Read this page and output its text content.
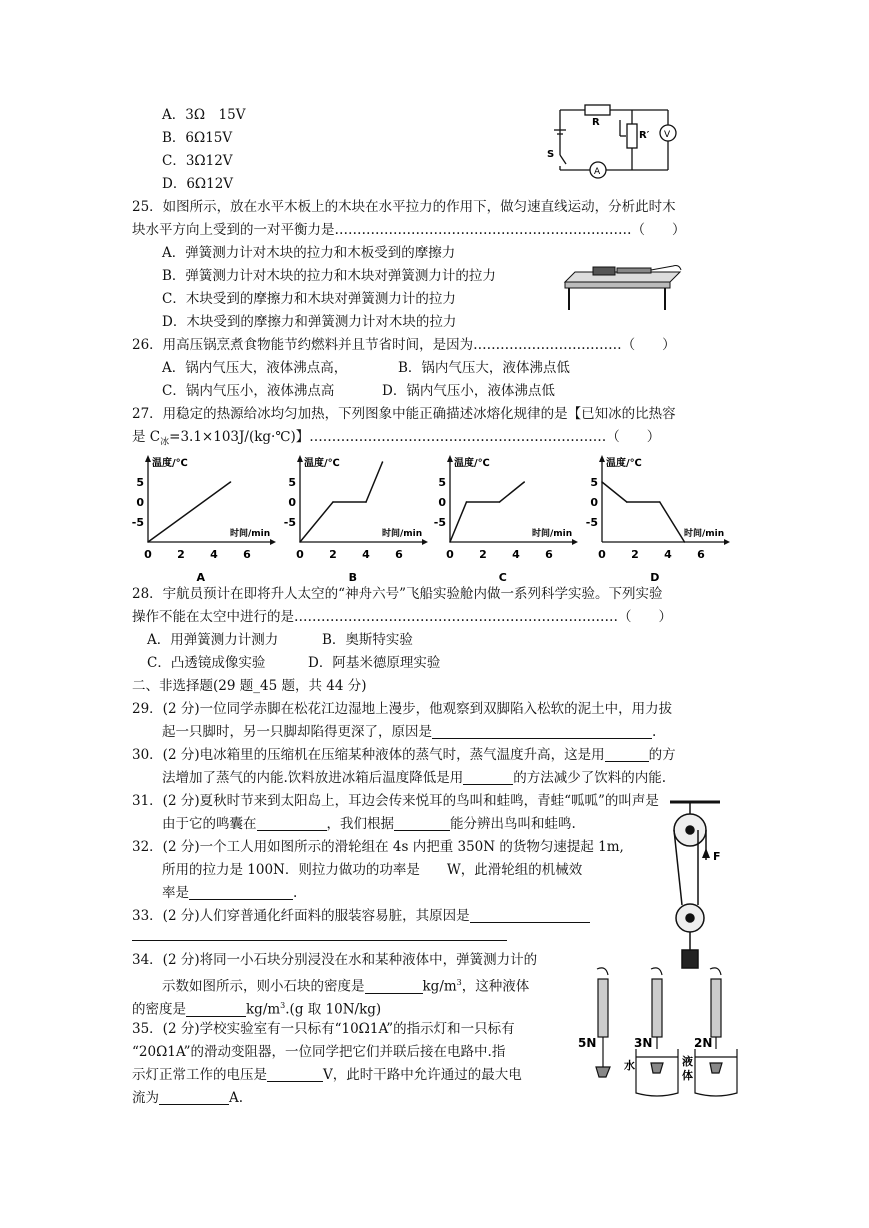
A．3Ω　15V
B．6Ω15V
C．3Ω12V
D．6Ω12V
R
R′ V
S
A
25．如图所示，放在水平木板上的木块在水平拉力的作用下，做匀速直线运动，分析此时木
块水平方向上受到的一对平衡力是…………………………………………………………（　　）
A．弹簧测力计对木块的拉力和木板受到的摩擦力
B．弹簧测力计对木块的拉力和木块对弹簧测力计的拉力
C．木块受到的摩擦力和木块对弹簧测力计的拉力
D．木块受到的摩擦力和弹簧测力计对木块的拉力
26．用高压锅烹煮食物能节约燃料并且节省时间，是因为……………………………（　　）
A．锅内气压大，液体沸点高，	B．锅内气压大，液体沸点低
C．锅内气压小，液体沸点高	D．锅内气压小，液体沸点低
27．用稳定的热源给冰均匀加热，下列图象中能正确描述冰熔化规律的是【已知冰的比热容
是 $C_冰=3.1\times 103J/(kg\cdot℃)$】…………………………………………………………（　　）
温度/℃
时间/min
5
0
-5
0 2 4 6
A
温度/℃
时间/min
5
0
-5
0 2 4 6
B
温度/℃
时间/min
5
0
-5
0 2 4 6
C
温度/℃
时间/min
5
0
-5
0 2 4 6
D
28．宇航员预计在即将升人太空的“神舟六号”飞船实验舱内做一系列科学实验。下列实验
操作不能在太空中进行的是………………………………………………………………（　　）
A．用弹簧测力计测力	B．奥斯特实验
C．凸透镜成像实验	D．阿基米德原理实验
二、非选择题(29 题_45 题，共 44 分)
29．(2 分)一位同学赤脚在松花江边湿地上漫步，他观察到双脚陷入松软的泥土中，用力拔
起一只脚时，另一只脚却陷得更深了，原因是	.
30．(2 分)电冰箱里的压缩机在压缩某种液体的蒸气时，蒸气温度升高，这是用	的方
法增加了蒸气的内能.饮料放进冰箱后温度降低是用	的方法减少了饮料的内能.
31．(2 分)夏秋时节来到太阳岛上，耳边会传来悦耳的鸟叫和蛙鸣，青蛙“呱呱”的叫声是
由于它的鸣囊在	，我们根据	能分辨出鸟叫和蛙鸣.
F
32．(2 分)一个工人用如图所示的滑轮组在 4s 内把重 350N 的货物匀速提起 1m,
所用的拉力是 100N．则拉力做功的功率是　　W，此滑轮组的机械效
率是	.
33．(2 分)人们穿普通化纤面料的服装容易脏，其原因是
34．(2 分)将同一小石块分别浸没在水和某种液体中，弹簧测力计的
示数如图所示，则小石块的密度是	$kg/m^3$，这种液体
的密度是	$kg/m^3.(g$ 取 10N/kg)
35．(2 分)学校实验室有一只标有“10Ω1A”的指示灯和一只标有
“20Ω1A”的滑动变阻器，一位同学把它们并联后接在电路中.指
示灯正常工作的电压是	V，此时干路中允许通过的最大电
流为	A.
5N	3N	2N
水	液
体
